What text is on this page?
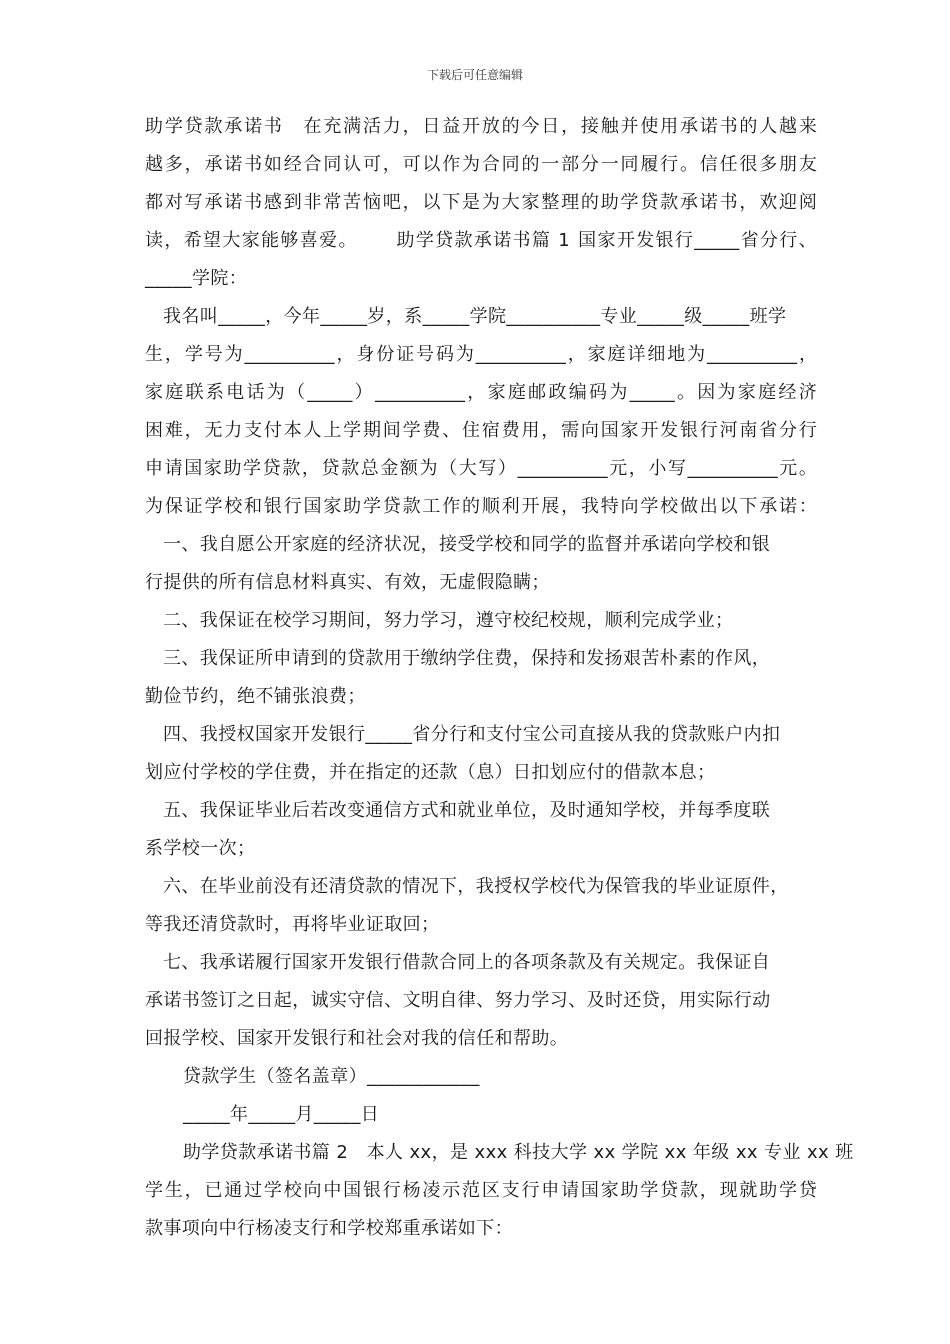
下载后可任意编辑
助 学 贷 款 承 诺 书
　 在 充 满 活 力 ， 日 益 开 放 的 今 日 ， 接 触 并 使 用 承 诺 书 的 人 越 来
越 多 ， 承 诺 书 如 经 合 同 认 可 ， 可 以 作 为 合 同 的 一 部 分 一 同 履 行 。 信 任 很 多 朋 友
都 对 写 承 诺 书 感 到 非 常 苦 恼 吧 ， 以 下 是 为 大 家 整 理 的 助 学 贷 款 承 诺 书 ， 欢 迎 阅
读 ， 希 望 大 家 能 够 喜 爱 。

　 助 学 贷 款 承 诺 书 篇
1
国 家 开 发 银 行 _____ 省 分 行 、
_____学院：
我名叫_____，今年_____岁，系_____学院__________专业_____级_____班学
生 ， 学 号 为 __________ ， 身 份 证 号 码 为 __________ ， 家 庭 详 细 地 为 __________ ，
家 庭 联 系 电 话 为 （ _____ ） __________ ， 家 庭 邮 政 编 码 为 _____ 。 因 为 家 庭 经 济
困 难 ， 无 力 支 付 本 人 上 学 期 间 学 费 、 住 宿 费 用 ， 需 向 国 家 开 发 银 行 河 南 省 分 行
申 请 国 家 助 学 贷 款 ， 贷 款 总 金 额 为 （ 大 写 ） __________ 元 ， 小 写 __________ 元 。
为 保 证 学 校 和 银 行 国 家 助 学 贷 款 工 作 的 顺 利 开 展 ， 我 特 向 学 校 做 出 以 下 承 诺 ：
一、我自愿公开家庭的经济状况，接受学校和同学的监督并承诺向学校和银
行提供的所有信息材料真实、有效，无虚假隐瞒；
二、我保证在校学习期间，努力学习，遵守校纪校规，顺利完成学业；
三、我保证所申请到的贷款用于缴纳学住费，保持和发扬艰苦朴素的作风，
勤俭节约，绝不铺张浪费；
四、我授权国家开发银行_____省分行和支付宝公司直接从我的贷款账户内扣
划应付学校的学住费，并在指定的还款（息）日扣划应付的借款本息；
五、我保证毕业后若改变通信方式和就业单位，及时通知学校，并每季度联
系学校一次；
六、在毕业前没有还清贷款的情况下，我授权学校代为保管我的毕业证原件，
等我还清贷款时，再将毕业证取回；
七、我承诺履行国家开发银行借款合同上的各项条款及有关规定。我保证自
承诺书签订之日起，诚实守信、文明自律、努力学习、及时还贷，用实际行动
回报学校、国家开发银行和社会对我的信任和帮助。
贷款学生（签名盖章）____________
_____年_____月_____日
助学贷款承诺书篇 2　本人 xx，是 xxx 科技大学 xx 学院 xx 年级 xx 专业 xx 班
学 生 ， 已 通 过 学 校 向 中 国 银 行 杨 凌 示 范 区 支 行 申 请 国 家 助 学 贷 款 ， 现 就 助 学 贷
款事项向中行杨凌支行和学校郑重承诺如下：
